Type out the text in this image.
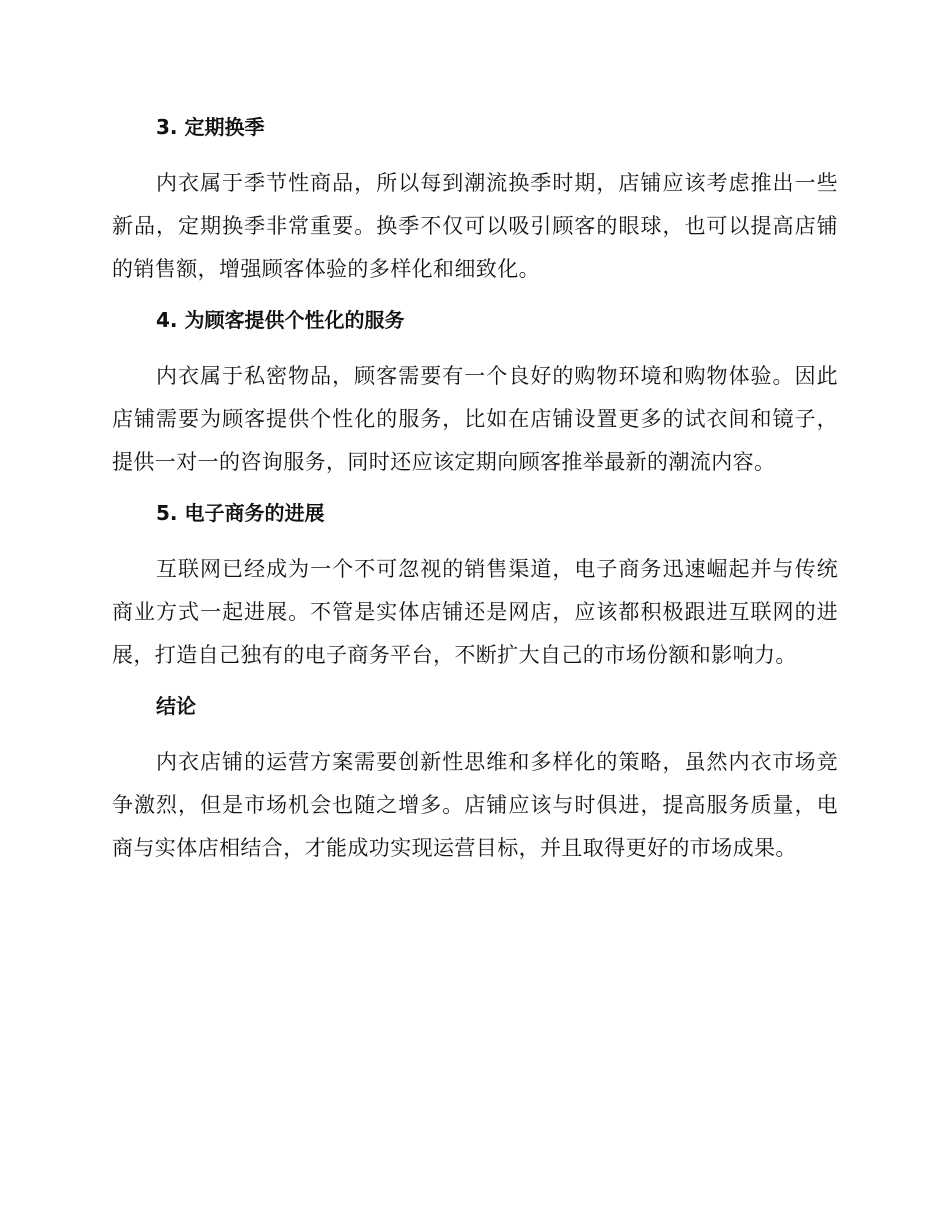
3. 定期换季

内衣属于季节性商品，所以每到潮流换季时期，店铺应该考虑推出一些新品，定期换季非常重要。换季不仅可以吸引顾客的眼球，也可以提高店铺的销售额，增强顾客体验的多样化和细致化。

4. 为顾客提供个性化的服务

内衣属于私密物品，顾客需要有一个良好的购物环境和购物体验。因此店铺需要为顾客提供个性化的服务，比如在店铺设置更多的试衣间和镜子，提供一对一的咨询服务，同时还应该定期向顾客推举最新的潮流内容。

5. 电子商务的进展

互联网已经成为一个不可忽视的销售渠道，电子商务迅速崛起并与传统商业方式一起进展。不管是实体店铺还是网店，应该都积极跟进互联网的进展，打造自己独有的电子商务平台，不断扩大自己的市场份额和影响力。

结论

内衣店铺的运营方案需要创新性思维和多样化的策略，虽然内衣市场竞争激烈，但是市场机会也随之增多。店铺应该与时俱进，提高服务质量，电商与实体店相结合，才能成功实现运营目标，并且取得更好的市场成果。
